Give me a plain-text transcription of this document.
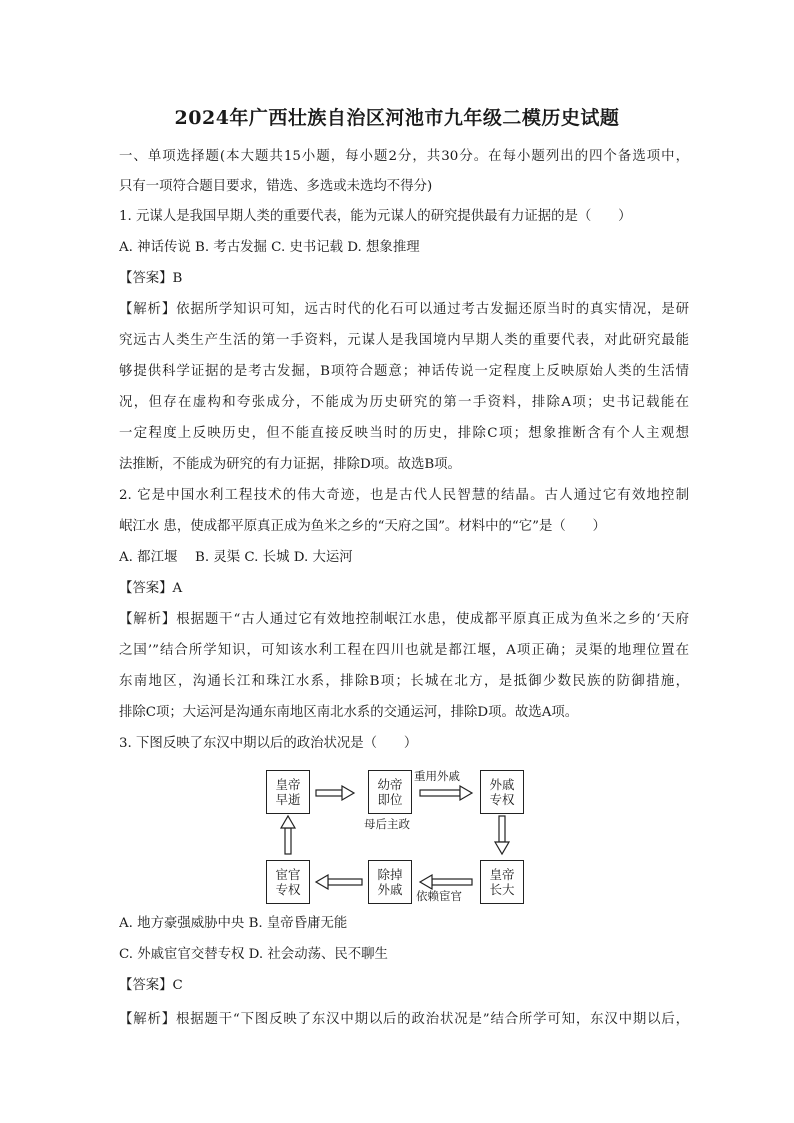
2024年广西壮族自治区河池市九年级二模历史试题
一、单项选择题(本大题共15小题，每小题2分，共30分。在每小题列出的四个备选项中，
只有一项符合题目要求，错选、多选或未选均不得分)
1. 元谋人是我国早期人类的重要代表，能为元谋人的研究提供最有力证据的是（　　）
A. 神话传说 B. 考古发掘 C. 史书记载 D. 想象推理
【答案】B
【解析】依据所学知识可知，远古时代的化石可以通过考古发掘还原当时的真实情况，是研
究远古人类生产生活的第一手资料，元谋人是我国境内早期人类的重要代表，对此研究最能
够提供科学证据的是考古发掘，B项符合题意；神话传说一定程度上反映原始人类的生活情
况，但存在虚构和夸张成分，不能成为历史研究的第一手资料，排除A项；史书记载能在
一定程度上反映历史，但不能直接反映当时的历史，排除C项；想象推断含有个人主观想
法推断，不能成为研究的有力证据，排除D项。故选B项。
2. 它是中国水利工程技术的伟大奇迹，也是古代人民智慧的结晶。古人通过它有效地控制
岷江水 患，使成都平原真正成为鱼米之乡的“天府之国”。材料中的“它”是（　　）
A. 都江堰　 B. 灵渠 C. 长城 D. 大运河
【答案】A
【解析】根据题干“古人通过它有效地控制岷江水患，使成都平原真正成为鱼米之乡的‘天府
之国’”结合所学知识，可知该水利工程在四川也就是都江堰，A项正确；灵渠的地理位置在
东南地区，沟通长江和珠江水系，排除B项；长城在北方，是抵御少数民族的防御措施，
排除C项；大运河是沟通东南地区南北水系的交通运河，排除D项。故选A项。
3. 下图反映了东汉中期以后的政治状况是（　　）
皇帝
早逝
幼帝
即位
外戚
专权
皇帝
长大
除掉
外戚
宦官
专权
重用外戚
母后主政
依赖宦官
A. 地方豪强威胁中央 B. 皇帝昏庸无能
C. 外戚宦官交替专权 D. 社会动荡、民不聊生
【答案】C
【解析】根据题干“下图反映了东汉中期以后的政治状况是”结合所学可知，东汉中期以后，
